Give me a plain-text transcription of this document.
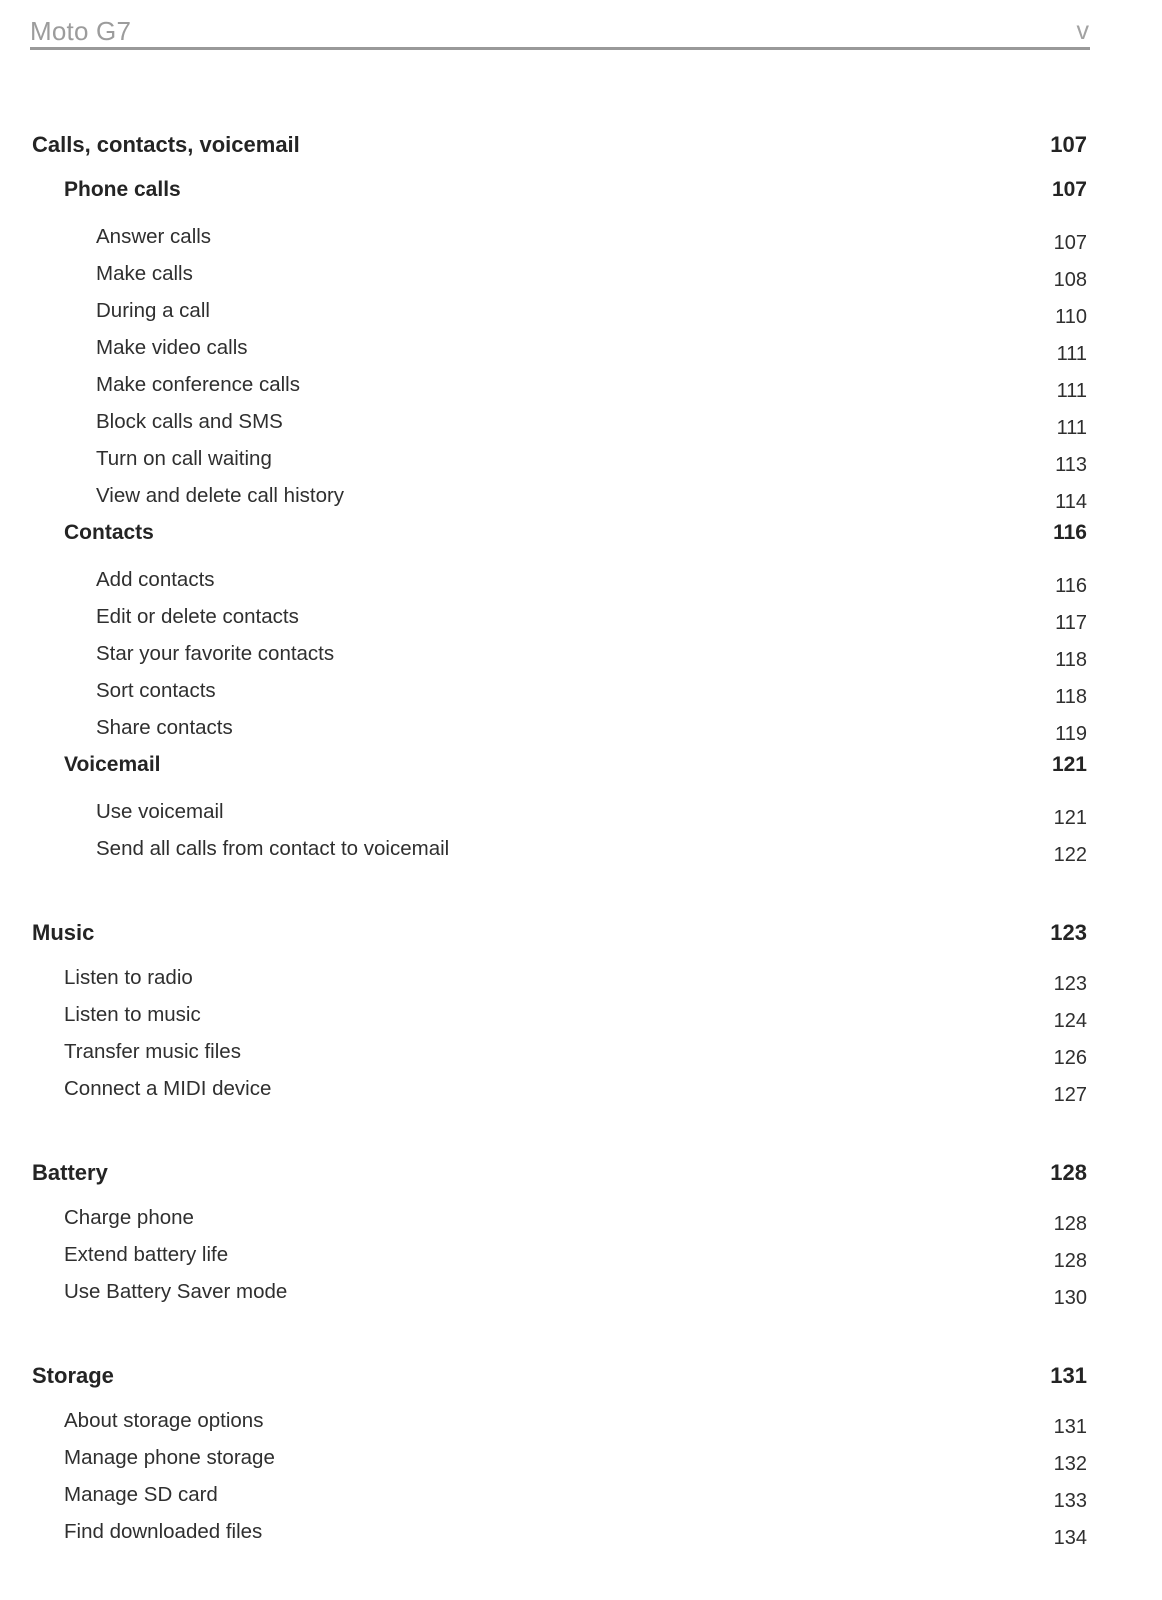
Moto G7	v
Calls, contacts, voicemail	107
Phone calls	107
Answer calls	107
Make calls	108
During a call	110
Make video calls	111
Make conference calls	111
Block calls and SMS	111
Turn on call waiting	113
View and delete call history	114
Contacts	116
Add contacts	116
Edit or delete contacts	117
Star your favorite contacts	118
Sort contacts	118
Share contacts	119
Voicemail	121
Use voicemail	121
Send all calls from contact to voicemail	122
Music	123
Listen to radio	123
Listen to music	124
Transfer music files	126
Connect a MIDI device	127
Battery	128
Charge phone	128
Extend battery life	128
Use Battery Saver mode	130
Storage	131
About storage options	131
Manage phone storage	132
Manage SD card	133
Find downloaded files	134
